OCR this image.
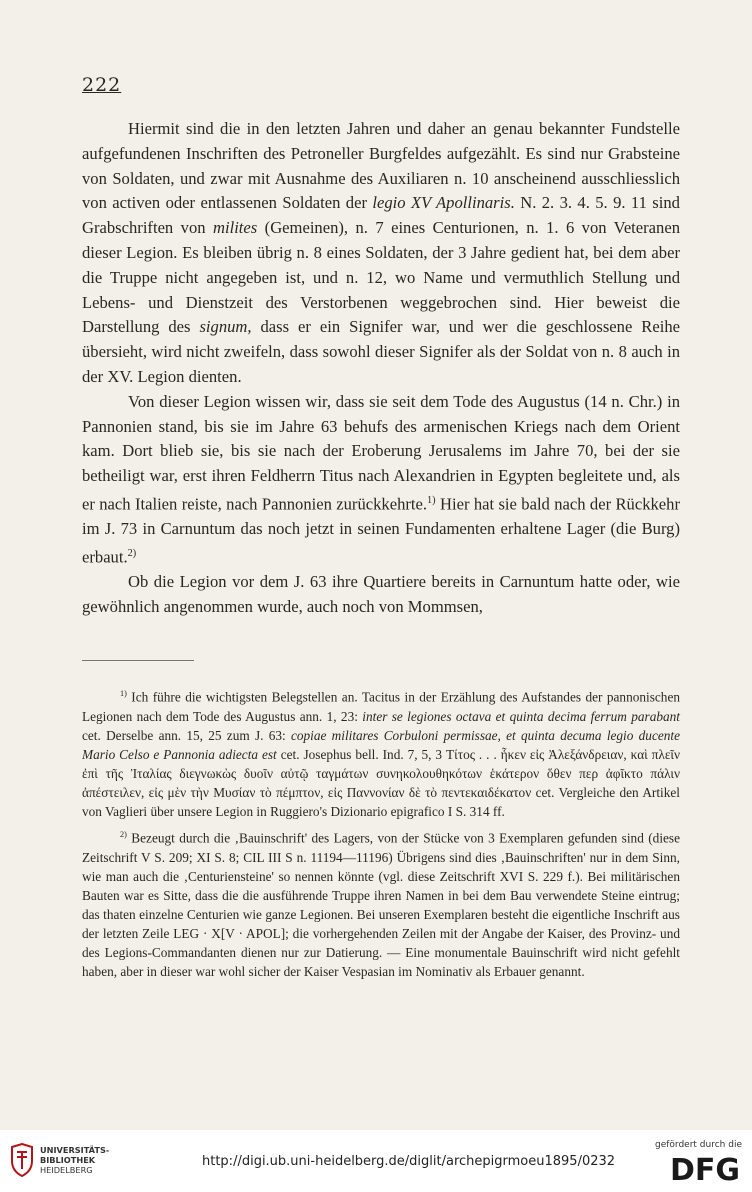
222

Hiermit sind die in den letzten Jahren und daher an genau bekannter Fundstelle aufgefundenen Inschriften des Petroneller Burgfeldes aufgezählt. Es sind nur Grabsteine von Soldaten, und zwar mit Ausnahme des Auxiliaren n. 10 anscheinend ausschliesslich von activen oder entlassenen Soldaten der legio XV Apollinaris. N. 2. 3. 4. 5. 9. 11 sind Grabschriften von milites (Gemeinen), n. 7 eines Centurionen, n. 1. 6 von Veteranen dieser Legion. Es bleiben übrig n. 8 eines Soldaten, der 3 Jahre gedient hat, bei dem aber die Truppe nicht angegeben ist, und n. 12, wo Name und vermuthlich Stellung und Lebens- und Dienstzeit des Verstorbenen weggebrochen sind. Hier beweist die Darstellung des signum, dass er ein Signifer war, und wer die geschlossene Reihe übersieht, wird nicht zweifeln, dass sowohl dieser Signifer als der Soldat von n. 8 auch in der XV. Legion dienten.

Von dieser Legion wissen wir, dass sie seit dem Tode des Augustus (14 n. Chr.) in Pannonien stand, bis sie im Jahre 63 behufs des armenischen Kriegs nach dem Orient kam. Dort blieb sie, bis sie nach der Eroberung Jerusalems im Jahre 70, bei der sie betheiligt war, erst ihren Feldherrn Titus nach Alexandrien in Egypten begleitete und, als er nach Italien reiste, nach Pannonien zurückkehrte.$^{1)}$ Hier hat sie bald nach der Rückkehr im J. 73 in Carnuntum das noch jetzt in seinen Fundamenten erhaltene Lager (die Burg) erbaut.$^{2)}$

Ob die Legion vor dem J. 63 ihre Quartiere bereits in Carnuntum hatte oder, wie gewöhnlich angenommen wurde, auch noch von Mommsen,

$^{1)}$ Ich führe die wichtigsten Belegstellen an. Tacitus in der Erzählung des Aufstandes der pannonischen Legionen nach dem Tode des Augustus ann. 1, 23: inter se legiones octava et quinta decima ferrum parabant cet. Derselbe ann. 15, 25 zum J. 63: copiae militares Corbuloni permissae, et quinta decuma legio ducente Mario Celso e Pannonia adiecta est cet. Josephus bell. Ind. 7, 5, 3 Τίτος . . . ἧκεν εἰς Ἀλεξάνδρειαν, καὶ πλεῖν ἐπὶ τῆς Ἰταλίας διεγνωκὼς δυοῖν αὐτῷ ταγμάτων συνηκολουθηκότων ἑκάτερον ὅθεν περ ἀφῖκτο πάλιν ἀπέστειλεν, εἰς μὲν τὴν Μυσίαν τὸ πέμπτον, εἰς Παννονίαν δὲ τὸ πεντεκαιδέκατον cet. Vergleiche den Artikel von Vaglieri über unsere Legion in Ruggiero's Dizionario epigrafico I S. 314 ff.

$^{2)}$ Bezeugt durch die ‚Bauinschrift' des Lagers, von der Stücke von 3 Exemplaren gefunden sind (diese Zeitschrift V S. 209; XI S. 8; CIL III S n. 11194—11196) Übrigens sind dies ‚Bauinschriften' nur in dem Sinn, wie man auch die ‚Centuriensteine' so nennen könnte (vgl. diese Zeitschrift XVI S. 229 f.). Bei militärischen Bauten war es Sitte, dass die die ausführende Truppe ihren Namen in bei dem Bau verwendete Steine eintrug; das thaten einzelne Centurien wie ganze Legionen. Bei unseren Exemplaren besteht die eigentliche Inschrift aus der letzten Zeile LEG · X[V · APOL]; die vorhergehenden Zeilen mit der Angabe der Kaiser, des Provinz- und des Legions-Commandanten dienen nur zur Datierung. — Eine monumentale Bauinschrift wird nicht gefehlt haben, aber in dieser war wohl sicher der Kaiser Vespasian im Nominativ als Erbauer genannt.

UNIVERSITÄTS-
BIBLIOTHEK
HEIDELBERG
http://digi.ub.uni-heidelberg.de/diglit/archepigrmoeu1895/0232
gefördert durch die
DFG
